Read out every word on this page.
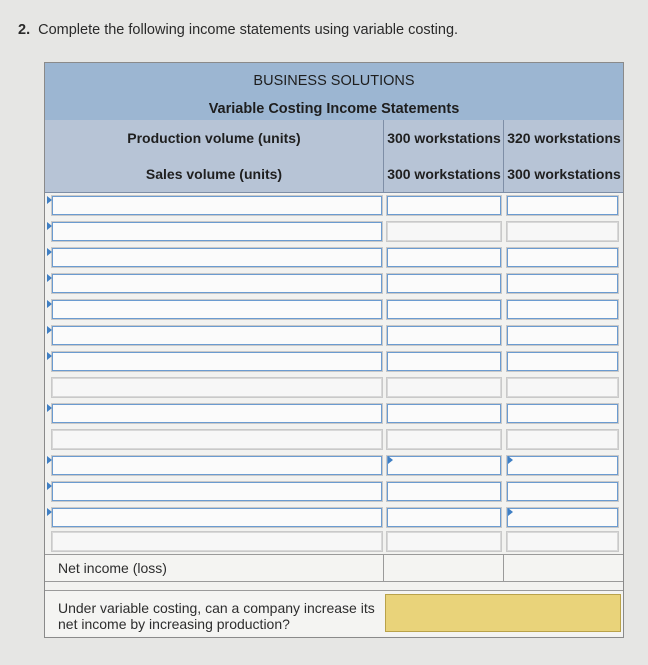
2. Complete the following income statements using variable costing.
BUSINESS SOLUTIONS
Variable Costing Income Statements
Production volume (units)	300 workstations 320 workstations
Sales volume (units)	300 workstations 300 workstations
Net income (loss)
Under variable costing, can a company increase its net income by increasing production?
